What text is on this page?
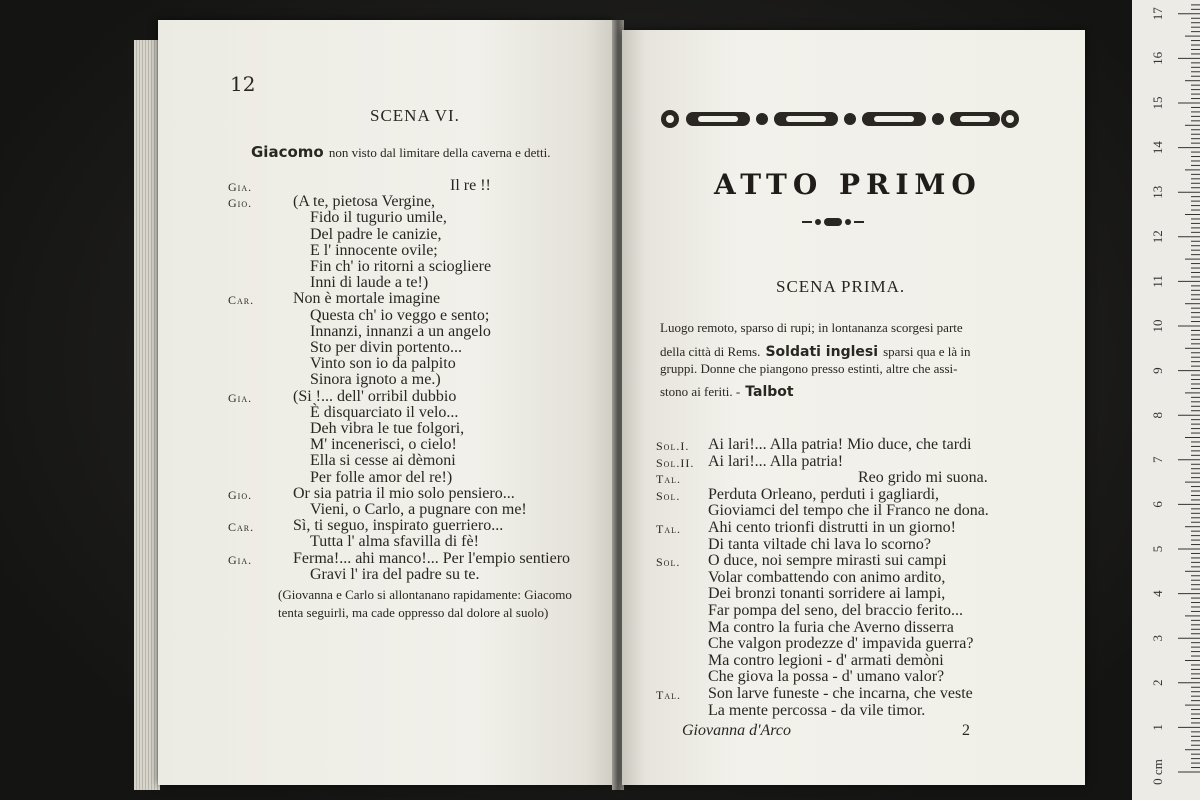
12
SCENA VI.
Giacomo non visto dal limitare della caverna e detti.
Gia.	Il re !!
Gio.	(A te, pietosa Vergine,
Fido il tugurio umile,
Del padre le canizie,
E l' innocente ovile;
Fin ch' io ritorni a sciogliere
Inni di laude a te!)
Car. Non è mortale imagine
Questa ch' io veggo e sento;
Innanzi, innanzi a un angelo
Sto per divin portento...
Vinto son io da palpito
Sinora ignoto a me.)
Gia.	(Si !... dell' orribil dubbio
È disquarciato il velo...
Deh vibra le tue folgori,
M' incenerisci, o cielo!
Ella si cesse ai dèmoni
Per folle amor del re!)
Gio.	Or sia patria il mio solo pensiero...
Vieni, o Carlo, a pugnare con me!
Car. Sì, ti seguo, inspirato guerriero...
Tutta l' alma sfavilla di fè!
Gia.	Ferma!... ahi manco!... Per l'empio sentiero
Gravi l' ira del padre su te.
(Giovanna e Carlo si allontanano rapidamente: Giacomo
tenta seguirli, ma cade oppresso dal dolore al suolo)
ATTO PRIMO
SCENA PRIMA.
Luogo remoto, sparso di rupi; in lontananza scorgesi parte
della città di Rems. Soldati inglesi sparsi qua e là in
gruppi. Donne che piangono presso estinti, altre che assi-
stono ai feriti. - Talbot
Sol.I. Ai lari!... Alla patria! Mio duce, che tardi
Sol.II. Ai lari!... Alla patria!
Tal.	Reo grido mi suona.
Sol. Perduta Orleano, perduti i gagliardi,
Gioviamci del tempo che il Franco ne dona.
Tal. Ahi cento trionfi distrutti in un giorno!
Di tanta viltade chi lava lo scorno?
Sol. O duce, noi sempre mirasti sui campi
Volar combattendo con animo ardito,
Dei bronzi tonanti sorridere ai lampi,
Far pompa del seno, del braccio ferito...
Ma contro la furia che Averno disserra
Che valgon prodezze d' impavida guerra?
Ma contro legioni - d' armati demòni
Che giova la possa - d' umano valor?
Tal. Son larve funeste - che incarna, che veste
La mente percossa - da vile timor.
Giovanna d'Arco	2
0 cm
1
2
3
4
5
6
7
8
9
10
11
12
13
14
15
16
17
